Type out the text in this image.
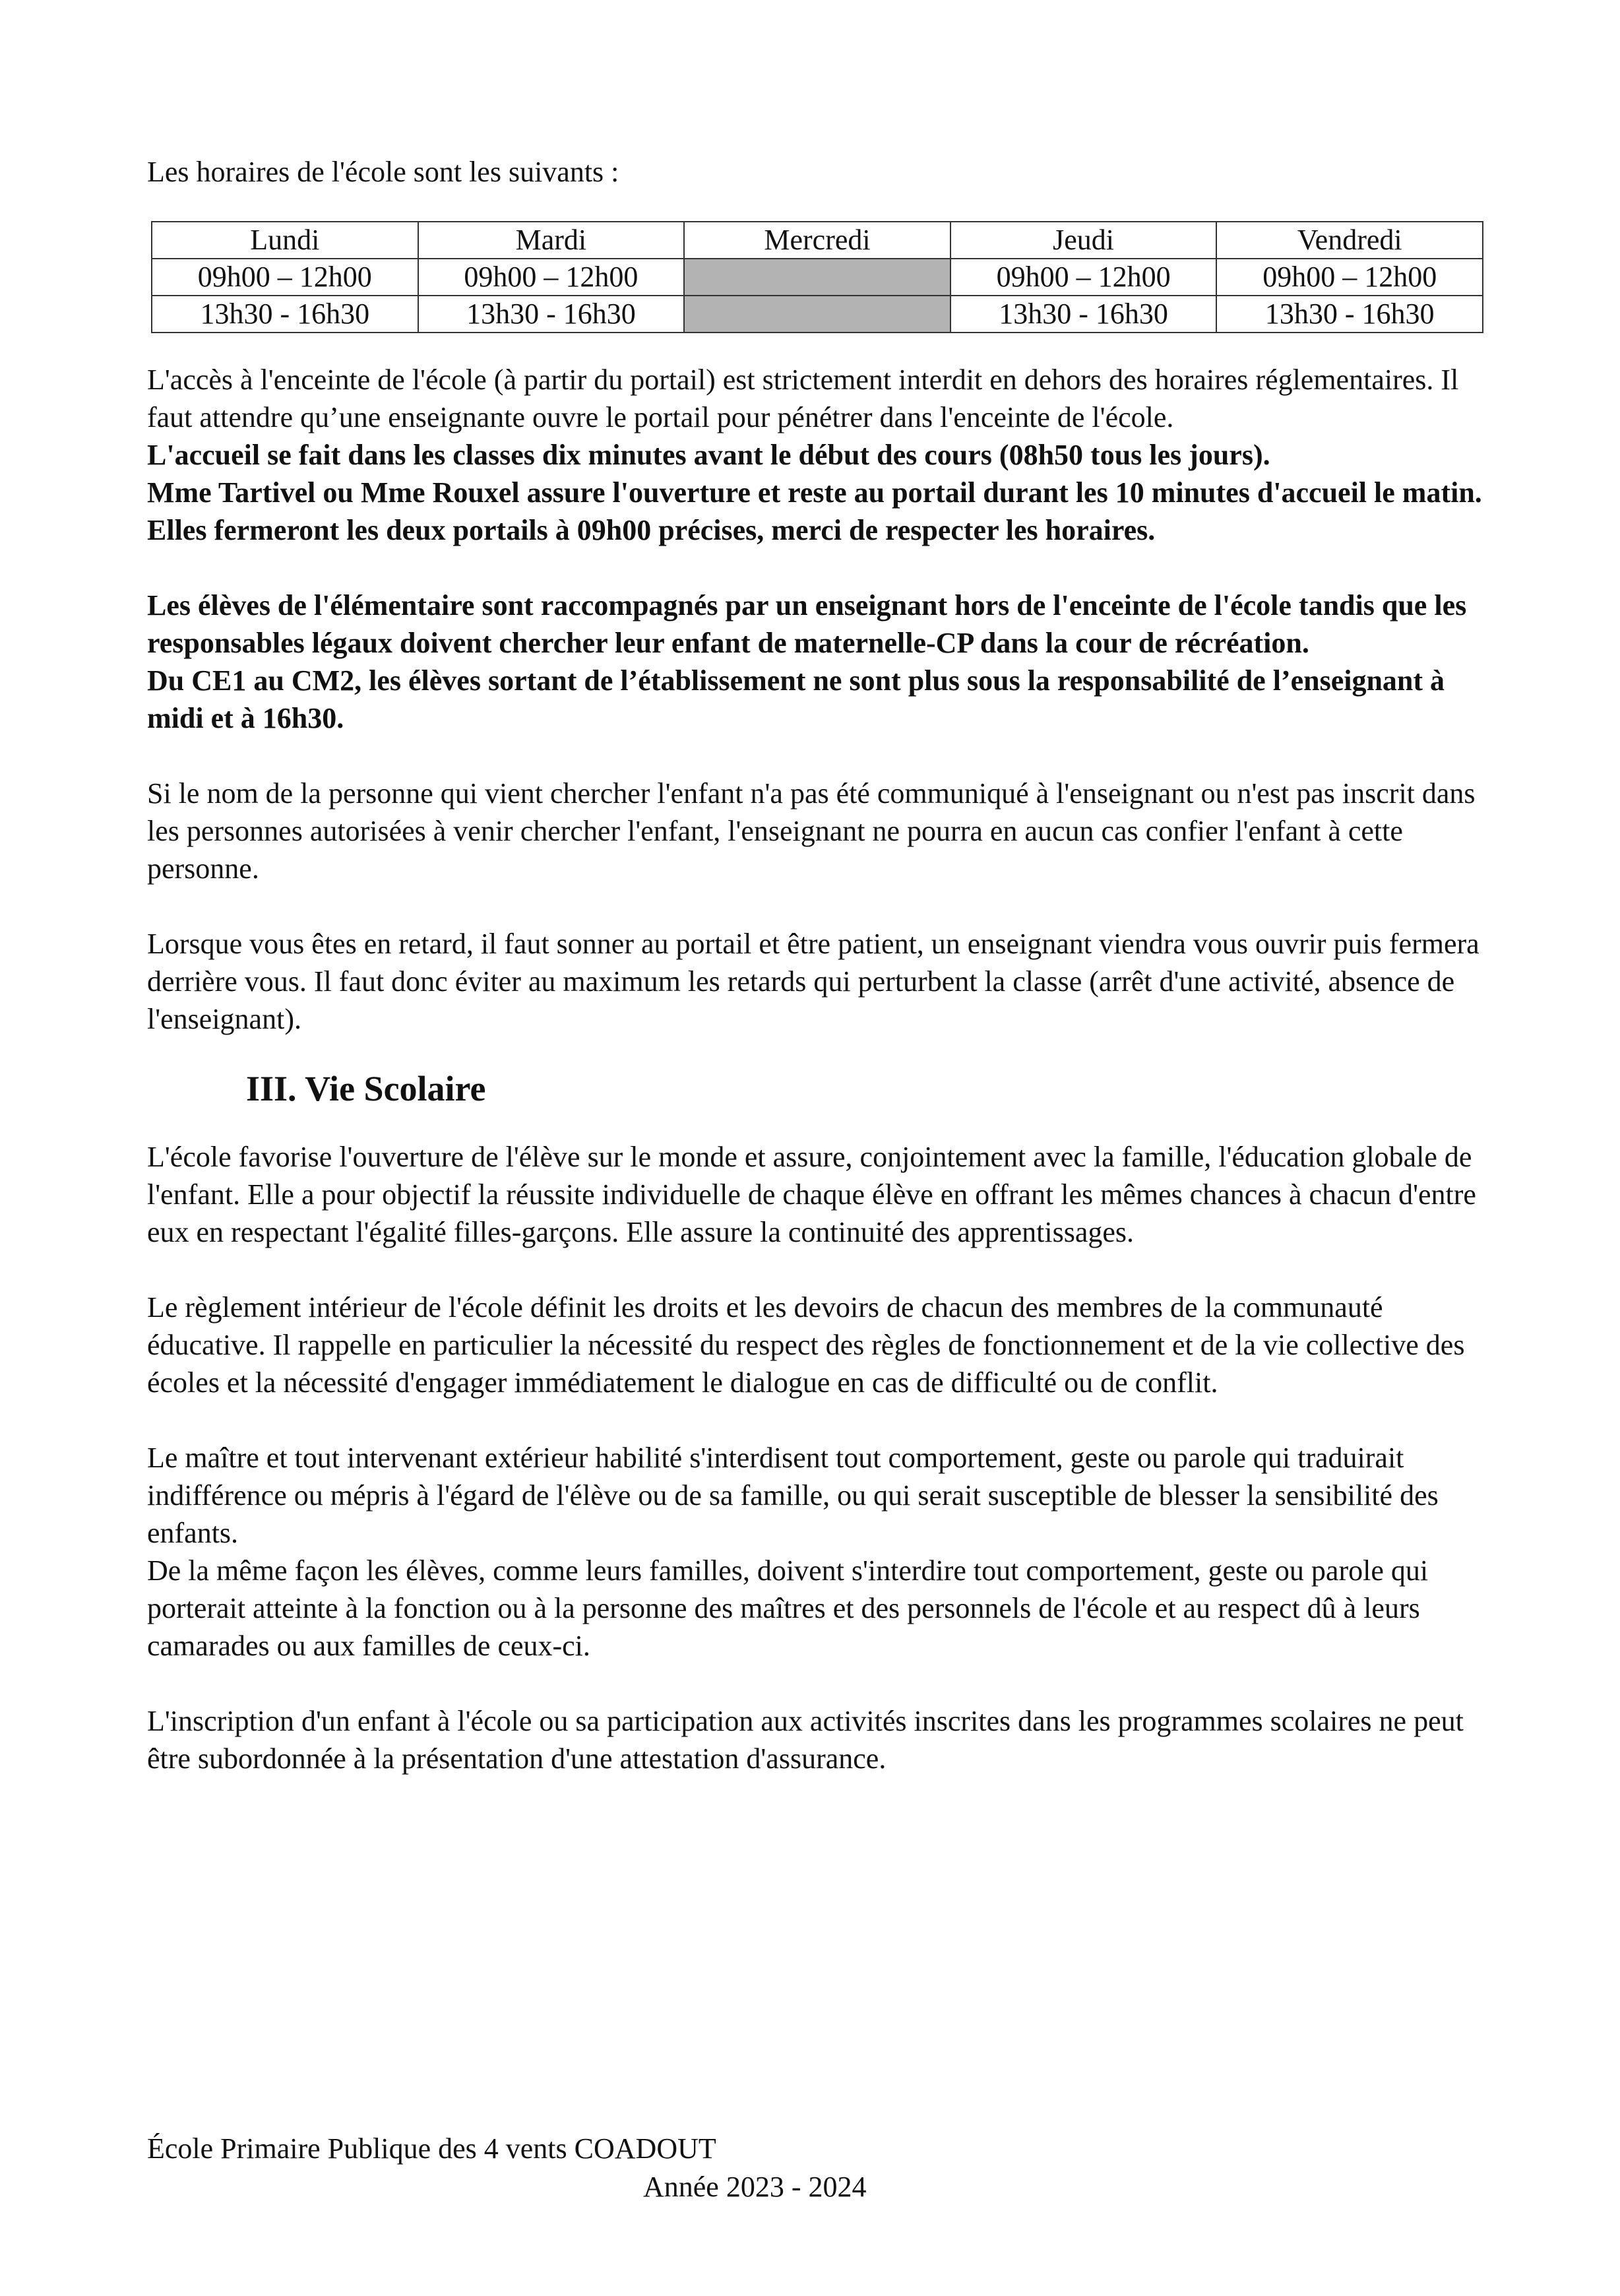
Les horaires de l'école sont les suivants :

Lundi	Mardi	Mercredi	Jeudi	Vendredi
09h00 – 12h00	09h00 – 12h00		09h00 – 12h00	09h00 – 12h00
13h30 - 16h30	13h30 - 16h30		13h30 - 16h30	13h30 - 16h30

L'accès à l'enceinte de l'école (à partir du portail) est strictement interdit en dehors des horaires réglementaires. Il faut attendre qu’une enseignante ouvre le portail pour pénétrer dans l'enceinte de l'école.

L'accueil se fait dans les classes dix minutes avant le début des cours (08h50 tous les jours).

Mme Tartivel ou Mme Rouxel assure l'ouverture et reste au portail durant les 10 minutes d'accueil le matin.

Elles fermeront les deux portails à 09h00 précises, merci de respecter les horaires.

Les élèves de l'élémentaire sont raccompagnés par un enseignant hors de l'enceinte de l'école tandis que les responsables légaux doivent chercher leur enfant de maternelle-CP dans la cour de récréation.

Du CE1 au CM2, les élèves sortant de l’établissement ne sont plus sous la responsabilité de l’enseignant à midi et à 16h30.

Si le nom de la personne qui vient chercher l'enfant n'a pas été communiqué à l'enseignant ou n'est pas inscrit dans les personnes autorisées à venir chercher l'enfant, l'enseignant ne pourra en aucun cas confier l'enfant à cette personne.

Lorsque vous êtes en retard, il faut sonner au portail et être patient, un enseignant viendra vous ouvrir puis fermera derrière vous. Il faut donc éviter au maximum les retards qui perturbent la classe (arrêt d'une activité, absence de l'enseignant).

III. Vie Scolaire

L'école favorise l'ouverture de l'élève sur le monde et assure, conjointement avec la famille, l'éducation globale de l'enfant. Elle a pour objectif la réussite individuelle de chaque élève en offrant les mêmes chances à chacun d'entre eux en respectant l'égalité filles-garçons. Elle assure la continuité des apprentissages.

Le règlement intérieur de l'école définit les droits et les devoirs de chacun des membres de la communauté éducative. Il rappelle en particulier la nécessité du respect des règles de fonctionnement et de la vie collective des écoles et la nécessité d'engager immédiatement le dialogue en cas de difficulté ou de conflit.

Le maître et tout intervenant extérieur habilité s'interdisent tout comportement, geste ou parole qui traduirait indifférence ou mépris à l'égard de l'élève ou de sa famille, ou qui serait susceptible de blesser la sensibilité des enfants.

De la même façon les élèves, comme leurs familles, doivent s'interdire tout comportement, geste ou parole qui porterait atteinte à la fonction ou à la personne des maîtres et des personnels de l'école et au respect dû à leurs camarades ou aux familles de ceux-ci.

L'inscription d'un enfant à l'école ou sa participation aux activités inscrites dans les programmes scolaires ne peut être subordonnée à la présentation d'une attestation d'assurance.

École Primaire Publique des 4 vents COADOUT
Année 2023 - 2024
